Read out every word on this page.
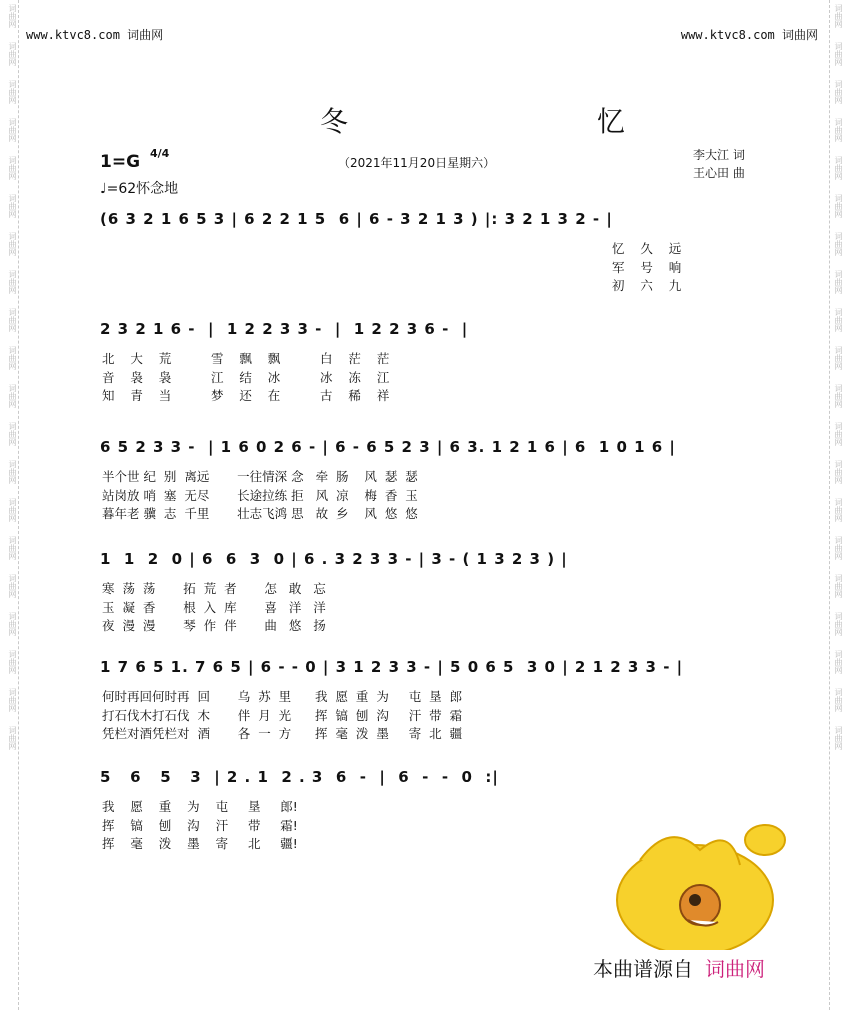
词曲网
词曲网
词曲网
词曲网
词曲网
词曲网
词曲网
词曲网
词曲网
词曲网
词曲网
词曲网
词曲网
词曲网
词曲网
词曲网
词曲网
词曲网
词曲网
词曲网
词曲网
词曲网
词曲网
词曲网
词曲网
词曲网
词曲网
词曲网
词曲网
词曲网
词曲网
词曲网
词曲网
词曲网
词曲网
词曲网
词曲网
词曲网
词曲网
词曲网
www.ktvc8.com 词曲网	www.ktvc8.com 词曲网
冬 忆
1=G 4/4
♩=62怀念地
（2021年11月20日星期六）
李大江 词
王心田 曲
(6 3 2 1 6 5 3 | 6 2 2 1 5  6 | 6 - 3 2 1 3 ) |: 3 2 1 3 2 - |
忆    久    远
军    号    响
初    六    九
2 3 2 1 6 -  |  1 2 2 3 3 -  |  1 2 2 3 6 -  |
北    大    荒          雪    飘    飘          白    茫    茫
音    袅    袅          江    结    冰          冰    冻    江
知    青    当          梦    还    在          古    稀    祥
6 5 2 3 3 -  | 1 6 0 2 6 - | 6 - 6 5 2 3 | 6 3. 1 2 1 6 | 6  1 0 1 6 |
半个世 纪  别  离远       一往情深 念   牵  肠    风  瑟  瑟
站岗放 哨  塞  无尽       长途拉练 拒   风  凉    梅  香  玉
暮年老 骥  志  千里       壮志飞鸿 思   故  乡    风  悠  悠
1  1  2  0 | 6  6  3  0 | 6 . 3 2 3 3 - | 3 - ( 1 3 2 3 ) |
寒  荡  荡       拓  荒  者       怎   敢   忘
玉  凝  香       根  入  库       喜   洋   洋
夜  漫  漫       琴  作  伴       曲   悠   扬
1 7 6 5 1. 7 6 5 | 6 - - 0 | 3 1 2 3 3 - | 5 0 6 5  3 0 | 2 1 2 3 3 - |
何时再回何时再  回       乌  苏  里      我  愿  重  为     屯  垦  郎
打石伐木打石伐  木       伴  月  光      挥  镐  刨  沟     汗  带  霜
凭栏对酒凭栏对  酒       各  一  方      挥  毫  泼  墨     寄  北  疆
5   6   5   3  | 2 . 1  2 . 3  6  -  |  6  -  -  0  :|
我    愿    重    为    屯     垦     郎!
挥    镐    刨    沟    汗     带     霜!
挥    毫    泼    墨    寄     北     疆!
本曲谱源自 词曲网
